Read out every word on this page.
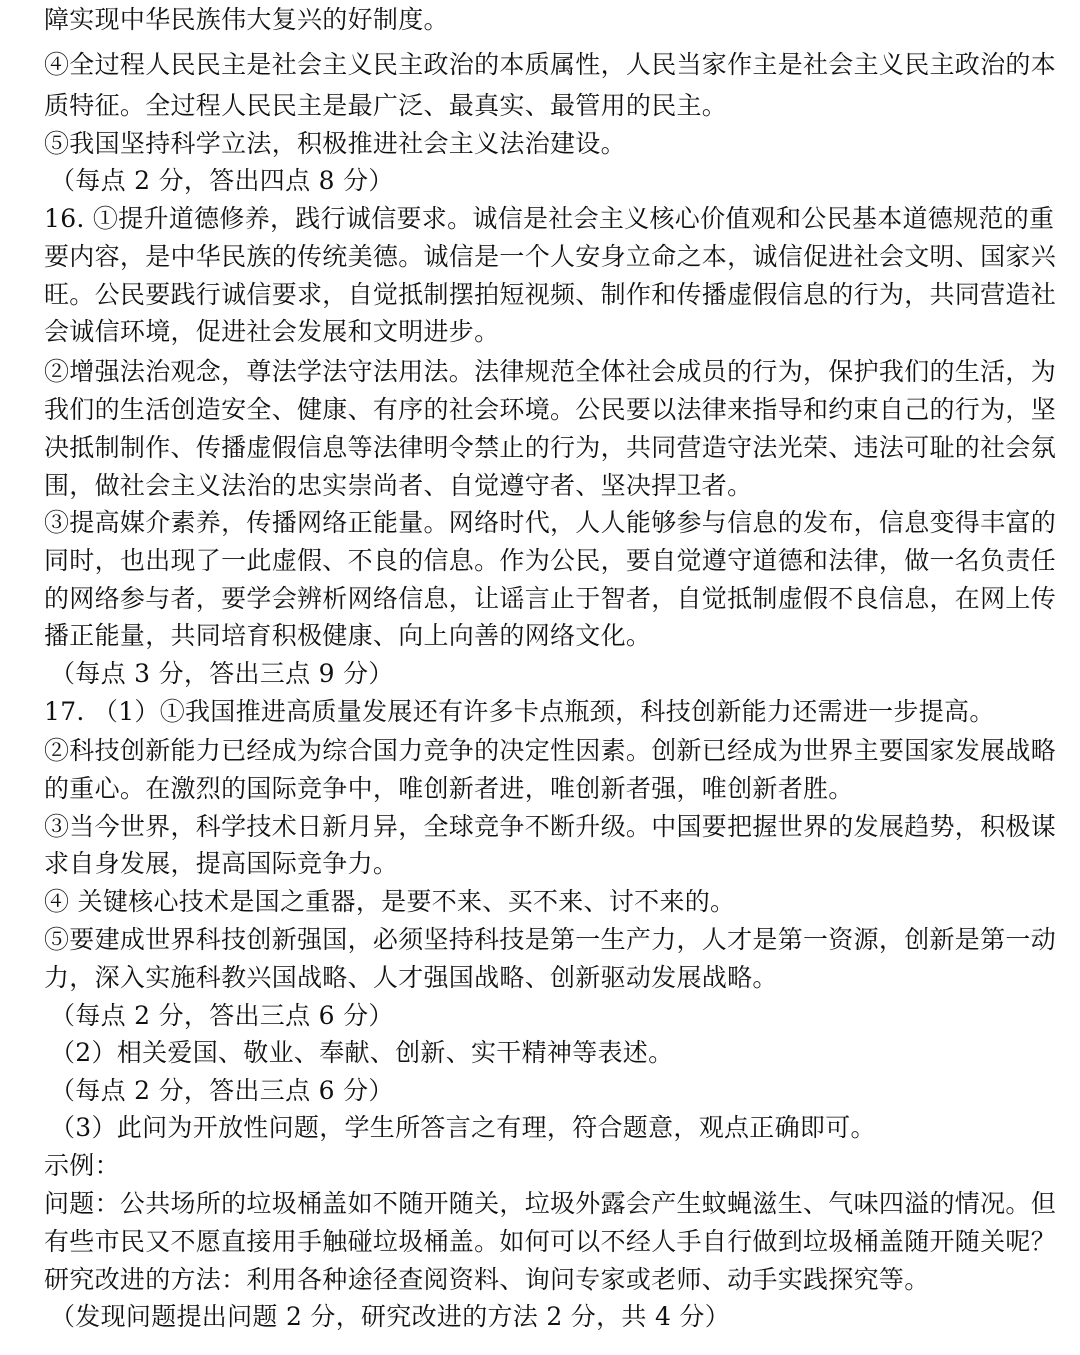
障实现中华民族伟大复兴的好制度。
④全过程人民民主是社会主义民主政治的本质属性，人民当家作主是社会主义民主政治的本
质特征。全过程人民民主是最广泛、最真实、最管用的民主。
⑤我国坚持科学立法，积极推进社会主义法治建设。
（每点 2 分，答出四点 8 分）
16. ①提升道德修养，践行诚信要求。诚信是社会主义核心价值观和公民基本道德规范的重
要内容，是中华民族的传统美德。诚信是一个人安身立命之本，诚信促进社会文明、国家兴
旺。公民要践行诚信要求，自觉抵制摆拍短视频、制作和传播虚假信息的行为，共同营造社
会诚信环境，促进社会发展和文明进步。
②增强法治观念，尊法学法守法用法。法律规范全体社会成员的行为，保护我们的生活，为
我们的生活创造安全、健康、有序的社会环境。公民要以法律来指导和约束自己的行为，坚
决抵制制作、传播虚假信息等法律明令禁止的行为，共同营造守法光荣、违法可耻的社会氛
围，做社会主义法治的忠实崇尚者、自觉遵守者、坚决捍卫者。
③提高媒介素养，传播网络正能量。网络时代，人人能够参与信息的发布，信息变得丰富的
同时，也出现了一此虚假、不良的信息。作为公民，要自觉遵守道德和法律，做一名负责任
的网络参与者，要学会辨析网络信息，让谣言止于智者，自觉抵制虚假不良信息，在网上传
播正能量，共同培育积极健康、向上向善的网络文化。
（每点 3 分，答出三点 9 分）
17. （1）①我国推进高质量发展还有许多卡点瓶颈，科技创新能力还需进一步提高。
②科技创新能力已经成为综合国力竞争的决定性因素。创新已经成为世界主要国家发展战略
的重心。在激烈的国际竞争中，唯创新者进，唯创新者强，唯创新者胜。
③当今世界，科学技术日新月异，全球竞争不断升级。中国要把握世界的发展趋势，积极谋
求自身发展，提高国际竞争力。
④ 关键核心技术是国之重器，是要不来、买不来、讨不来的。
⑤要建成世界科技创新强国，必须坚持科技是第一生产力，人才是第一资源，创新是第一动
力，深入实施科教兴国战略、人才强国战略、创新驱动发展战略。
（每点 2 分，答出三点 6 分）
（2）相关爱国、敬业、奉献、创新、实干精神等表述。
（每点 2 分，答出三点 6 分）
（3）此问为开放性问题，学生所答言之有理，符合题意，观点正确即可。
示例：
问题：公共场所的垃圾桶盖如不随开随关，垃圾外露会产生蚊蝇滋生、气味四溢的情况。但
有些市民又不愿直接用手触碰垃圾桶盖。如何可以不经人手自行做到垃圾桶盖随开随关呢？
研究改进的方法：利用各种途径查阅资料、询问专家或老师、动手实践探究等。
（发现问题提出问题 2 分，研究改进的方法 2 分，共 4 分）
